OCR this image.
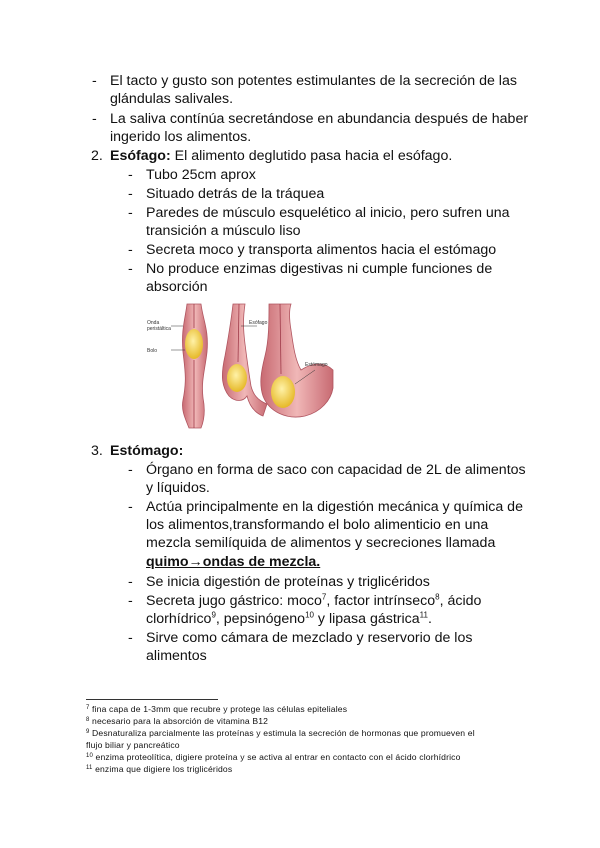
- El tacto y gusto son potentes estimulantes de la secreción de las
glándulas salivales.
- La saliva contínúa secretándose en abundancia después de haber
ingerido los alimentos.
2. Esófago: El alimento deglutido pasa hacia el esófago.
- Tubo 25cm aprox
- Situado detrás de la tráquea
- Paredes de músculo esquelético al inicio, pero sufren una
transición a músculo liso
- Secreta moco y transporta alimentos hacia el estómago
- No produce enzimas digestivas ni cumple funciones de
absorción
Onda
peristáltica
Bolo
Esófago
Estómago
3. Estómago:
- Órgano en forma de saco con capacidad de 2L de alimentos
y líquidos.
- Actúa principalmente en la digestión mecánica y química de
los alimentos,transformando el bolo alimenticio en una
mezcla semilíquida de alimentos y secreciones llamada
quimo→ondas de mezcla.
- Se inicia digestión de proteínas y triglicéridos
- Secreta jugo gástrico: moco$^7$, factor intrínseco$^8$, ácido
clorhídrico$^9$, pepsinógeno$^{10}$ y lipasa gástrica$^{11}$.
- Sirve como cámara de mezclado y reservorio de los
alimentos
$^7$ fina capa de 1-3mm que recubre y protege las células epiteliales
$^8$ necesario para la absorción de vitamina B12
$^9$ Desnaturaliza parcialmente las proteínas y estimula la secreción de hormonas que promueven el
flujo biliar y pancreático
$^{10}$ enzima proteolítica, digiere proteína y se activa al entrar en contacto con el ácido clorhídrico
$^{11}$ enzima que digiere los triglicéridos
